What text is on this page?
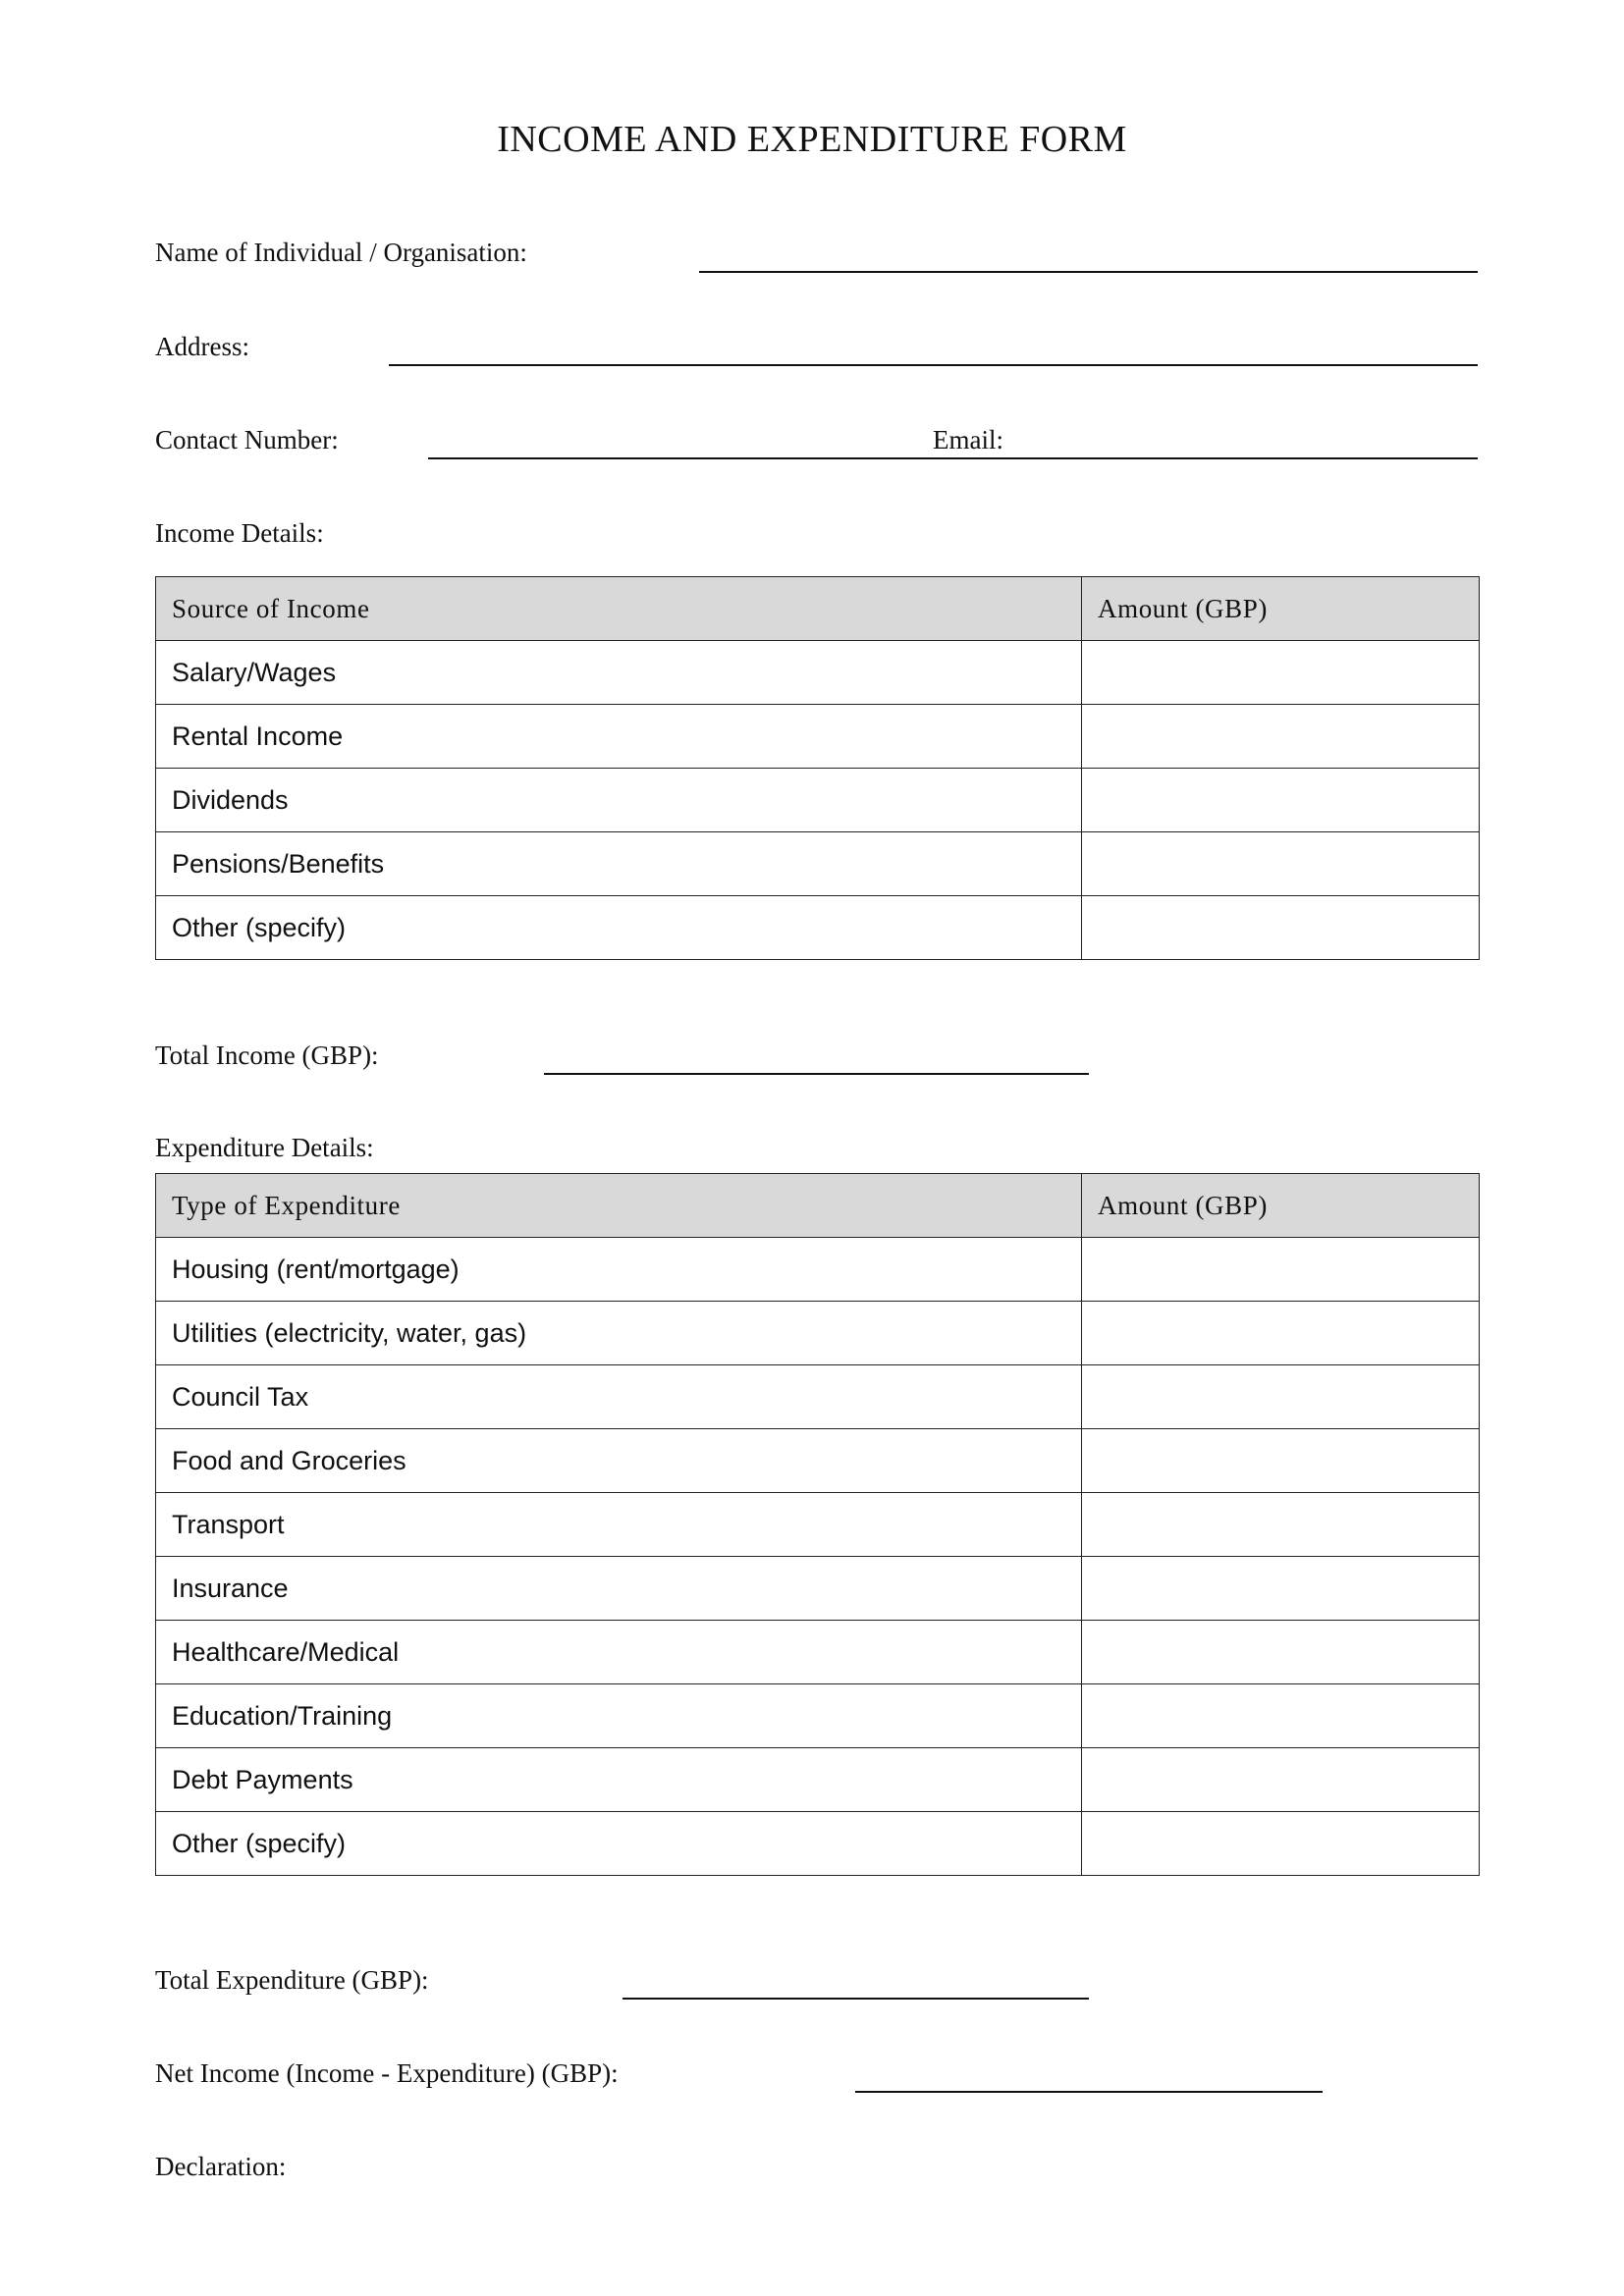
INCOME AND EXPENDITURE FORM
Name of Individual / Organisation:
Address:
Contact Number:	Email:
Income Details:
Source of Income	Amount (GBP)
Salary/Wages	
Rental Income	
Dividends	
Pensions/Benefits	
Other (specify)	
Total Income (GBP):
Expenditure Details:
Type of Expenditure	Amount (GBP)
Housing (rent/mortgage)	
Utilities (electricity, water, gas)	
Council Tax	
Food and Groceries	
Transport	
Insurance	
Healthcare/Medical	
Education/Training	
Debt Payments	
Other (specify)	
Total Expenditure (GBP):
Net Income (Income - Expenditure) (GBP):
Declaration:
